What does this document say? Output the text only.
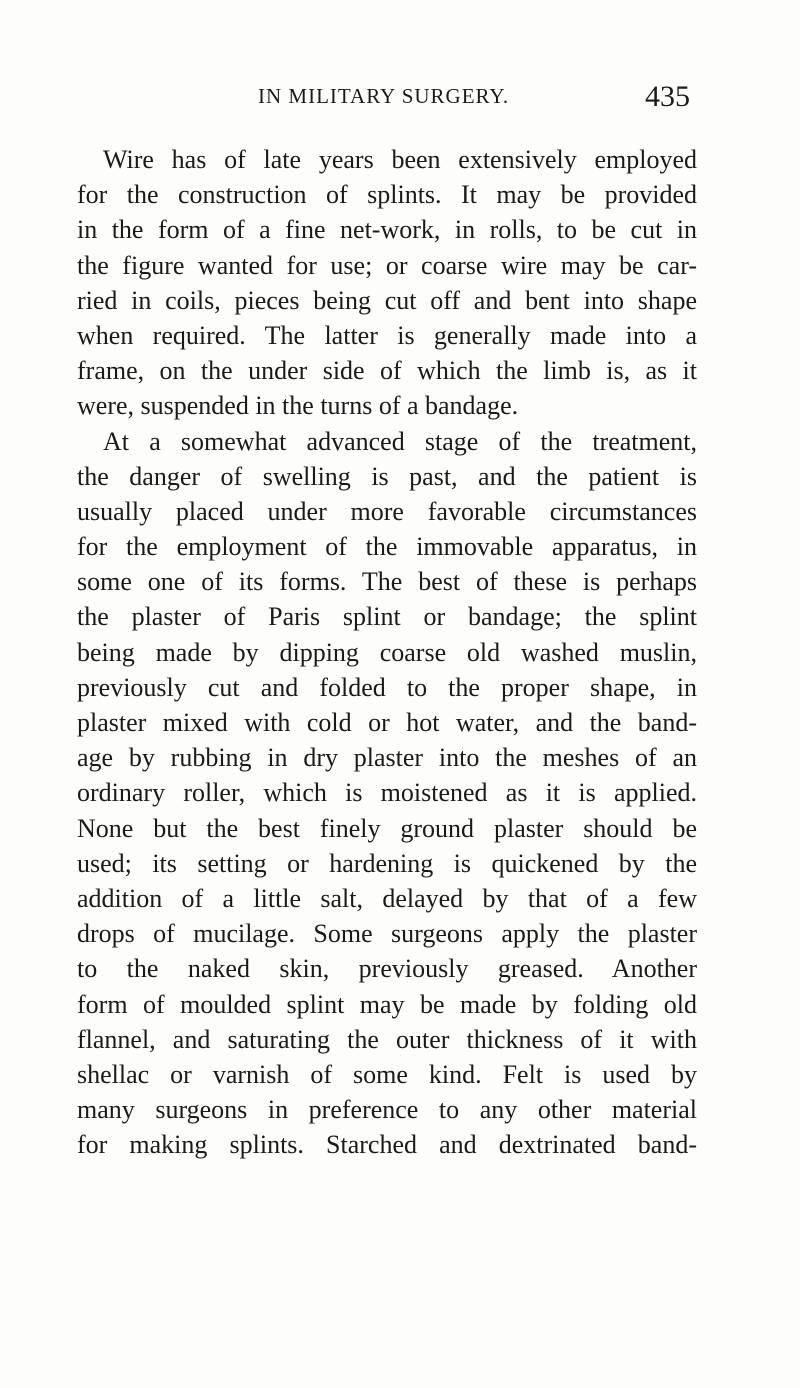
IN MILITARY SURGERY.	435
Wire has of late years been extensively employed
for the construction of splints. It may be provided
in the form of a fine net-work, in rolls, to be cut in
the figure wanted for use; or coarse wire may be car-
ried in coils, pieces being cut off and bent into shape
when required. The latter is generally made into a
frame, on the under side of which the limb is, as it
were, suspended in the turns of a bandage.
At a somewhat advanced stage of the treatment,
the danger of swelling is past, and the patient is
usually placed under more favorable circumstances
for the employment of the immovable apparatus, in
some one of its forms. The best of these is perhaps
the plaster of Paris splint or bandage; the splint
being made by dipping coarse old washed muslin,
previously cut and folded to the proper shape, in
plaster mixed with cold or hot water, and the band-
age by rubbing in dry plaster into the meshes of an
ordinary roller, which is moistened as it is applied.
None but the best finely ground plaster should be
used; its setting or hardening is quickened by the
addition of a little salt, delayed by that of a few
drops of mucilage. Some surgeons apply the plaster
to the naked skin, previously greased. Another
form of moulded splint may be made by folding old
flannel, and saturating the outer thickness of it with
shellac or varnish of some kind. Felt is used by
many surgeons in preference to any other material
for making splints. Starched and dextrinated band-
